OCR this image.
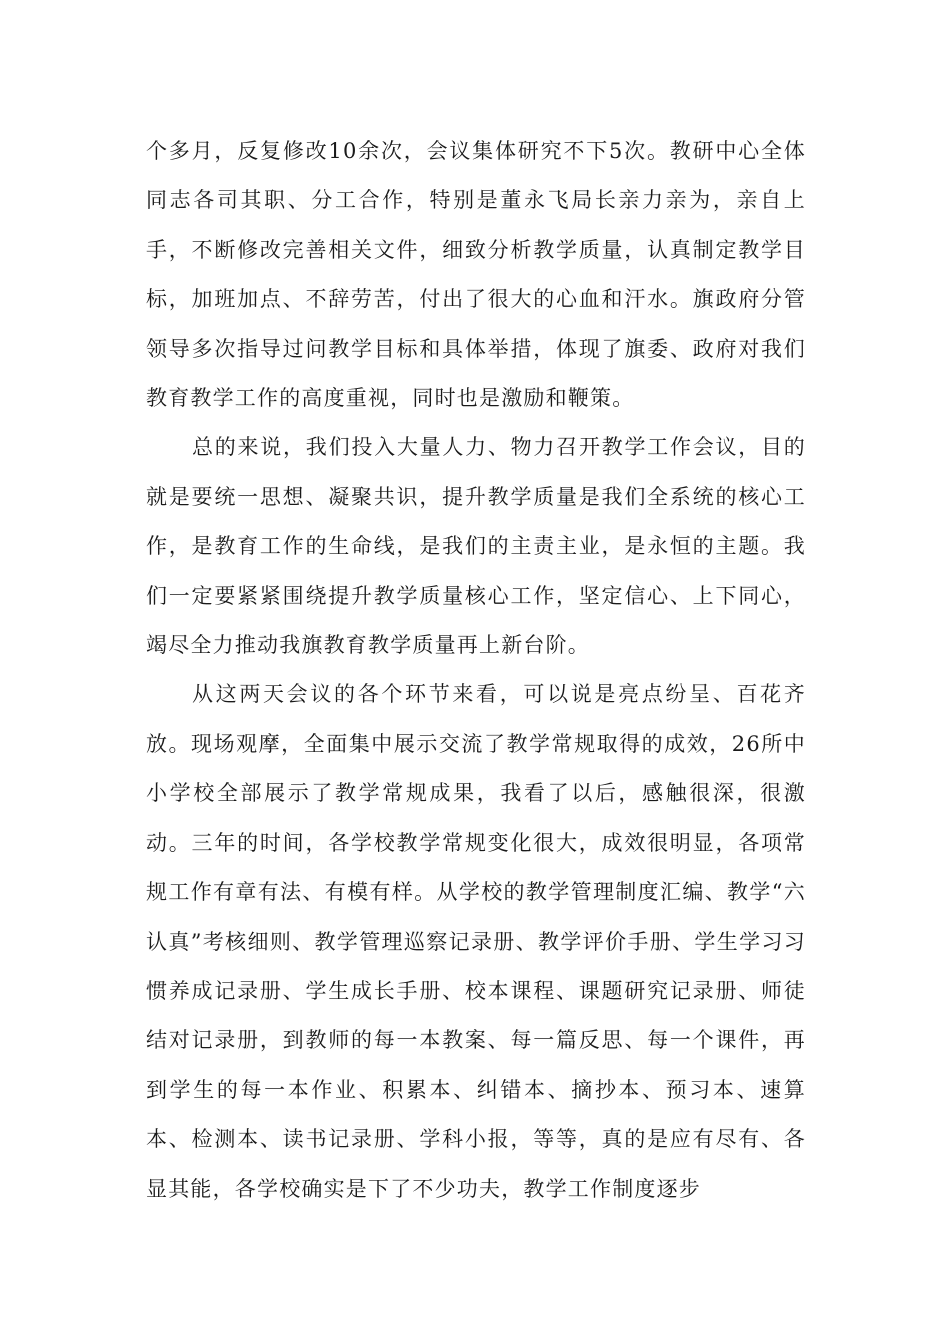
个多月，反复修改10余次，会议集体研究不下5次。教研中心全体同志各司其职、分工合作，特别是董永飞局长亲力亲为，亲自上手，不断修改完善相关文件，细致分析教学质量，认真制定教学目标，加班加点、不辞劳苦，付出了很大的心血和汗水。旗政府分管领导多次指导过问教学目标和具体举措，体现了旗委、政府对我们教育教学工作的高度重视，同时也是激励和鞭策。

总的来说，我们投入大量人力、物力召开教学工作会议，目的就是要统一思想、凝聚共识，提升教学质量是我们全系统的核心工作，是教育工作的生命线，是我们的主责主业，是永恒的主题。我们一定要紧紧围绕提升教学质量核心工作，坚定信心、上下同心，竭尽全力推动我旗教育教学质量再上新台阶。

从这两天会议的各个环节来看，可以说是亮点纷呈、百花齐放。现场观摩，全面集中展示交流了教学常规取得的成效，26所中小学校全部展示了教学常规成果，我看了以后，感触很深，很激动。三年的时间，各学校教学常规变化很大，成效很明显，各项常规工作有章有法、有模有样。从学校的教学管理制度汇编、教学“六认真”考核细则、教学管理巡察记录册、教学评价手册、学生学习习惯养成记录册、学生成长手册、校本课程、课题研究记录册、师徒结对记录册，到教师的每一本教案、每一篇反思、每一个课件，再到学生的每一本作业、积累本、纠错本、摘抄本、预习本、速算本、检测本、读书记录册、学科小报，等等，真的是应有尽有、各显其能，各学校确实是下了不少功夫，教学工作制度逐步
